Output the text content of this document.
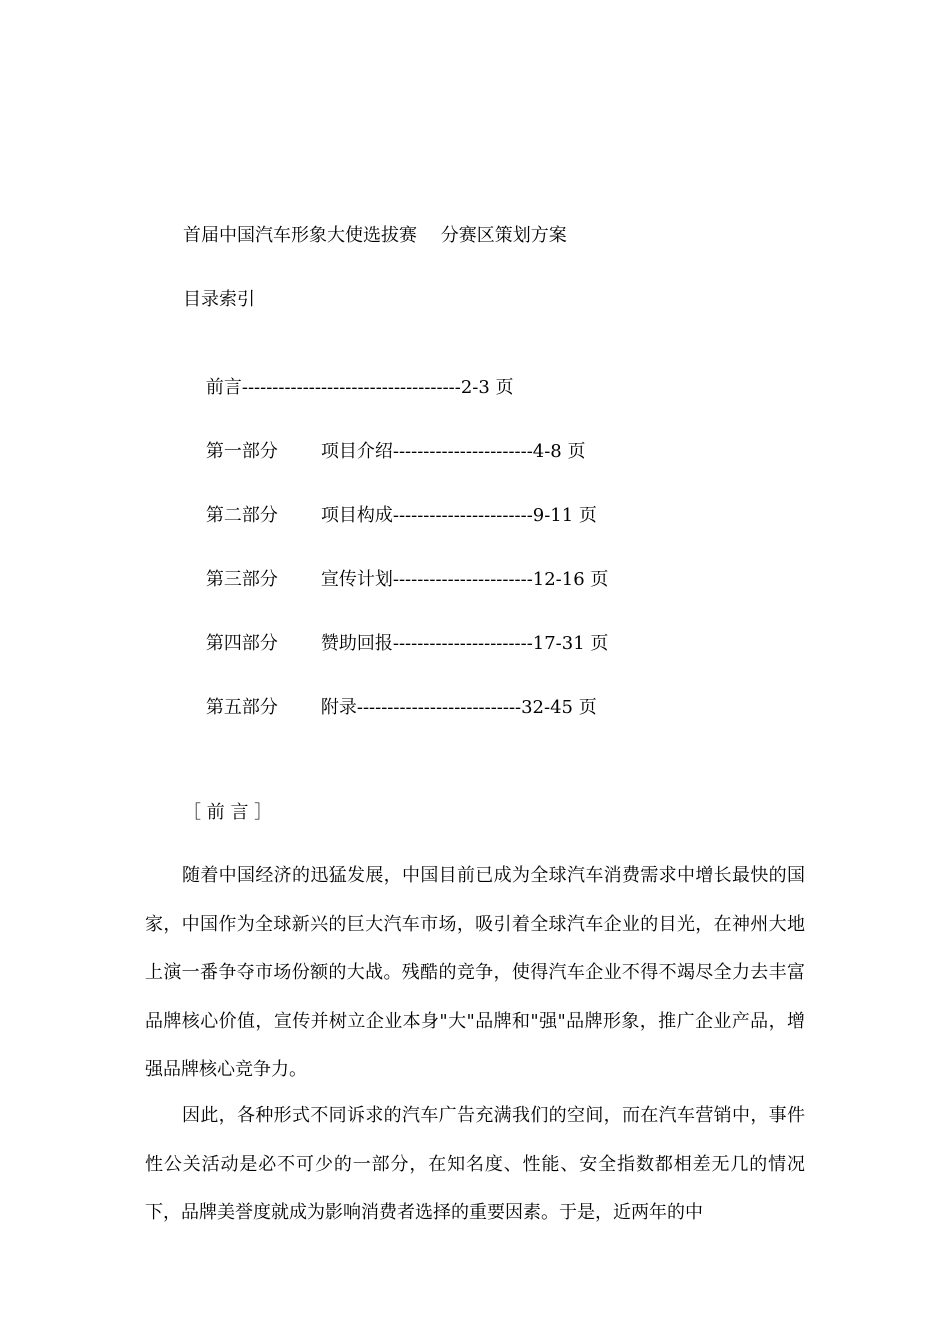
首届中国汽车形象大使选拔赛　 分赛区策划方案
目录索引

前言------------------------------------2-3 页

第一部分 项目介绍-----------------------4-8 页

第二部分 项目构成-----------------------9-11 页

第三部分 宣传计划-----------------------12-16 页

第四部分 赞助回报-----------------------17-31 页

第五部分 附录---------------------------32-45 页

［ 前 言 ］

随着中国经济的迅猛发展，中国目前已成为全球汽车消费需求中增长最快的国家，中国作为全球新兴的巨大汽车市场，吸引着全球汽车企业的目光，在神州大地上演一番争夺市场份额的大战。残酷的竞争，使得汽车企业不得不竭尽全力去丰富品牌核心价值，宣传并树立企业本身"大"品牌和"强"品牌形象，推广企业产品，增强品牌核心竞争力。

因此，各种形式不同诉求的汽车广告充满我们的空间，而在汽车营销中，事件性公关活动是必不可少的一部分，在知名度、性能、安全指数都相差无几的情况下，品牌美誉度就成为影响消费者选择的重要因素。于是，近两年的中
